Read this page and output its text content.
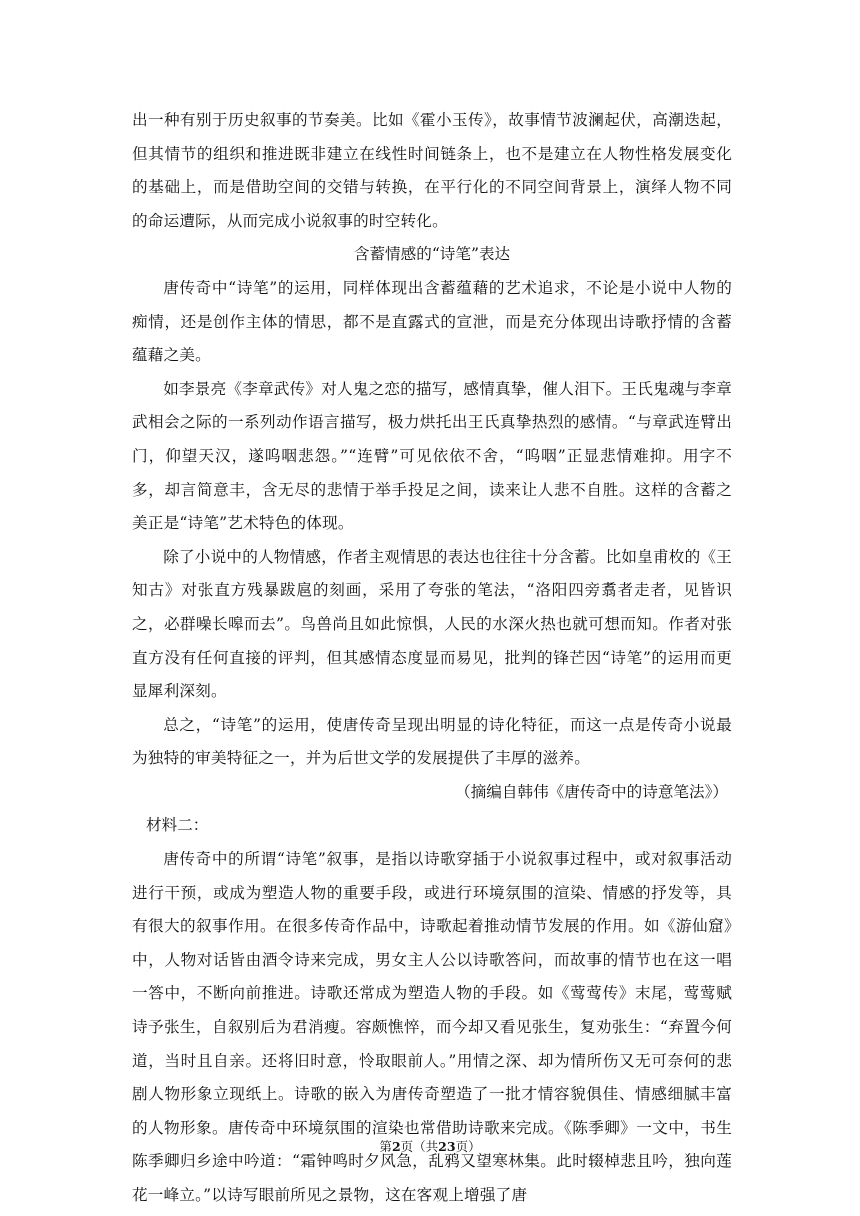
出一种有别于历史叙事的节奏美。比如《霍小玉传》，故事情节波澜起伏，高潮迭起，但其情节的组织和推进既非建立在线性时间链条上，也不是建立在人物性格发展变化的基础上，而是借助空间的交错与转换，在平行化的不同空间背景上，演绎人物不同的命运遭际，从而完成小说叙事的时空转化。

含蓄情感的“诗笔”表达

唐传奇中“诗笔”的运用，同样体现出含蓄蕴藉的艺术追求，不论是小说中人物的痴情，还是创作主体的情思，都不是直露式的宣泄，而是充分体现出诗歌抒情的含蓄蕴藉之美。

如李景亮《李章武传》对人鬼之恋的描写，感情真挚，催人泪下。王氏鬼魂与李章武相会之际的一系列动作语言描写，极力烘托出王氏真挚热烈的感情。“与章武连臂出门，仰望天汉，遂呜咽悲怨。”“连臂”可见依依不舍，“呜咽”正显悲情难抑。用字不多，却言简意丰，含无尽的悲情于举手投足之间，读来让人悲不自胜。这样的含蓄之美正是“诗笔”艺术特色的体现。

除了小说中的人物情感，作者主观情思的表达也往往十分含蓄。比如皇甫枚的《王知古》对张直方残暴跋扈的刻画，采用了夸张的笔法，“洛阳四旁翥者走者，见皆识之，必群噪长嗥而去”。鸟兽尚且如此惊惧，人民的水深火热也就可想而知。作者对张直方没有任何直接的评判，但其感情态度显而易见，批判的锋芒因“诗笔”的运用而更显犀利深刻。

总之，“诗笔”的运用，使唐传奇呈现出明显的诗化特征，而这一点是传奇小说最为独特的审美特征之一，并为后世文学的发展提供了丰厚的滋养。

（摘编自韩伟《唐传奇中的诗意笔法》）

材料二：

唐传奇中的所谓“诗笔”叙事，是指以诗歌穿插于小说叙事过程中，或对叙事活动进行干预，或成为塑造人物的重要手段，或进行环境氛围的渲染、情感的抒发等，具有很大的叙事作用。在很多传奇作品中，诗歌起着推动情节发展的作用。如《游仙窟》中，人物对话皆由酒令诗来完成，男女主人公以诗歌答问，而故事的情节也在这一唱一答中，不断向前推进。诗歌还常成为塑造人物的手段。如《莺莺传》末尾，莺莺赋诗予张生，自叙别后为君消瘦。容颇憔悴，而今却又看见张生，复劝张生：“弃置今何道，当时且自亲。还将旧时意，怜取眼前人。”用情之深、却为情所伤又无可奈何的悲剧人物形象立现纸上。诗歌的嵌入为唐传奇塑造了一批才情容貌俱佳、情感细腻丰富的人物形象。唐传奇中环境氛围的渲染也常借助诗歌来完成。《陈季卿》一文中，书生陈季卿归乡途中吟道：“霜钟鸣时夕风急，乱鸦又望寒林集。此时辍棹悲且吟，独向莲花一峰立。”以诗写眼前所见之景物，这在客观上增强了唐

第2页（共23页）
